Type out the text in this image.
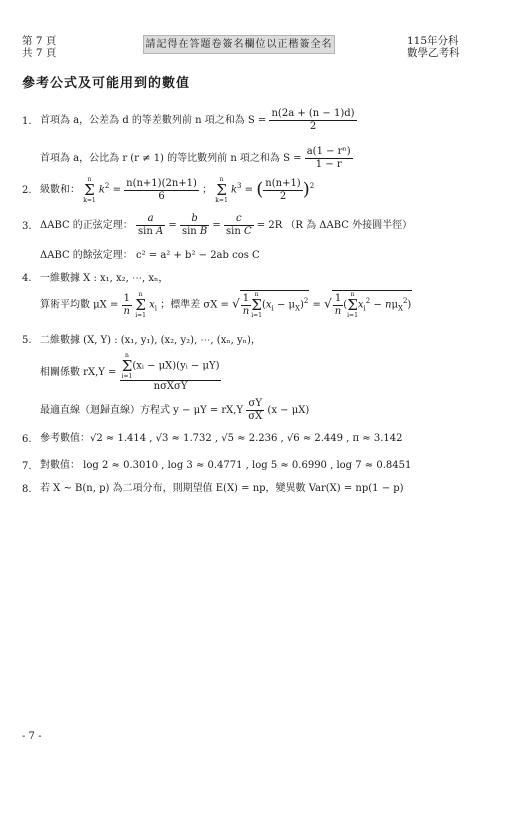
第 7 頁
共 7 頁
請記得在答題卷簽名欄位以正楷簽全名	115年分科
數學乙考科
參考公式及可能用到的數值
1. 首項為 a，公差為 d 的等差數列前 n 項之和為 $S = \frac{n(2a + (n - 1)d)}{2}$
首項為 a，公比為 r (r ≠ 1) 的等比數列前 n 項之和為 $S = \frac{\text{a(1 − rⁿ)}}{1 - r}$
2. 級數和：
n
Σ
k=1
$k^2 = \frac{n(n+1)(2n+1)}{6}$ ；
n
Σ
k=1
$k^3$ = ( $\frac{n(n+1)}{2} )^2$
3. ΔABC 的正弦定理： $\frac{a}{\text{sin A}} = \frac{b}{\text{sin B}} = \frac{c}{\text{sin C}} = 2R$ （R 為 ΔABC 外接圓半徑）
ΔABC 的餘弦定理： c² = a² + b² − 2ab cos C
4. 一維數據 X : x₁, x₂, ⋯, xₙ，
算術平均數 $\mu X = \frac{1}{n}$
	n
Σ
i=1
$x_i$ ；標準差 σX = √ $\frac{1}{n}$ n
Σ
i=1
$(x_i - \mu_X)^2$ = √ $\frac{1}{n}$ (
n
Σ
i=1
$x_i^2 - n\mu_X^2$)
5. 二維數據 (X, Y) : (x₁, y₁), (x₂, y₂), ⋯, (xₙ, yₙ)，
相關係數 rX,Y = n
Σ
i=1
(xᵢ − μX)(yᵢ − μY)
nσXσY
最適直線（迴歸直線）方程式 $y - \mu Y = rX,Y \frac{\sigma Y}{\sigma X} (x - \mu X)$
6. 參考數值：√2 ≈ 1.414 , √3 ≈ 1.732 , √5 ≈ 2.236 , √6 ≈ 2.449 , π ≈ 3.142
7. 對數值： log 2 ≈ 0.3010 , log 3 ≈ 0.4771 , log 5 ≈ 0.6990 , log 7 ≈ 0.8451
8. 若 X ~ B(n, p) 為二項分布，則期望值 E(X) = np，變異數 Var(X) = np(1 − p)
- 7 -
